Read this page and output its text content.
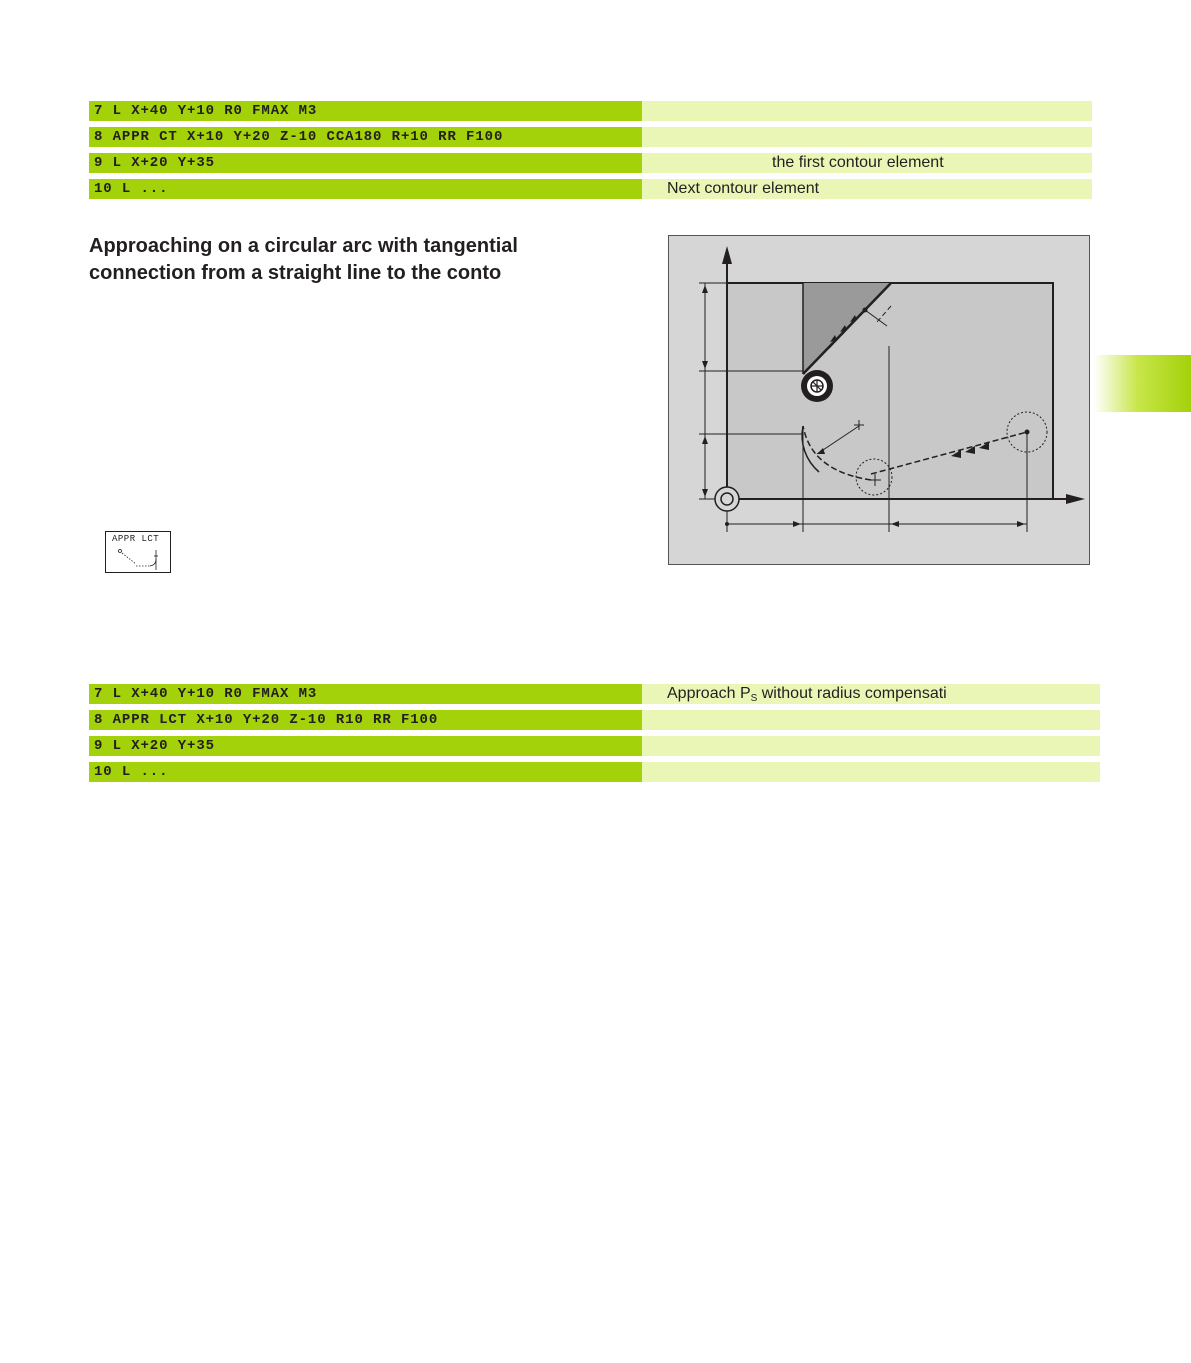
7 L X+40 Y+10 R0 FMAX M3
8 APPR CT X+10 Y+20 Z-10 CCA180 R+10 RR F100
9 L X+20 Y+35	the first contour element
10 L ...	Next contour element
Approaching on a circular arc with tangential
connection from a straight line to the conto
APPR LCT
7 L X+40 Y+10 R0 FMAX M3	Approach $P_S$ without radius compensati
8 APPR LCT X+10 Y+20 Z-10 R10 RR F100
9 L X+20 Y+35
10 L ...
